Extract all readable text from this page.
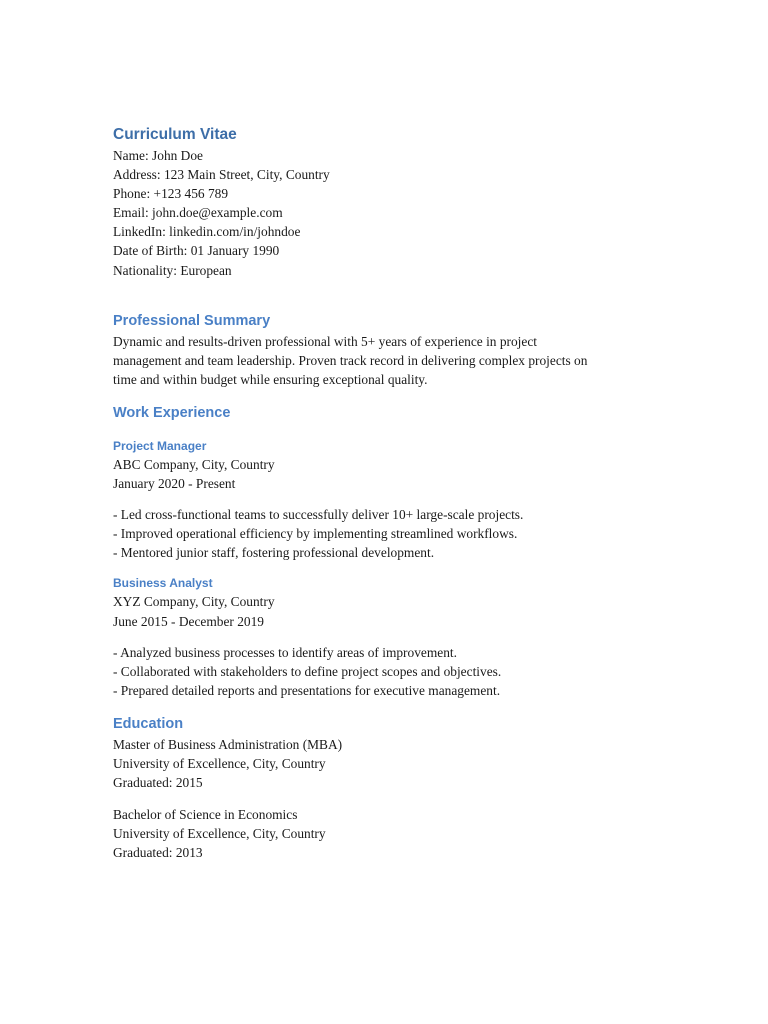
Curriculum Vitae

Name: John Doe

Address: 123 Main Street, City, Country

Phone: +123 456 789

Email: john.doe@example.com

LinkedIn: linkedin.com/in/johndoe

Date of Birth: 01 January 1990

Nationality: European

Professional Summary

Dynamic and results-driven professional with 5+ years of experience in project
management and team leadership. Proven track record in delivering complex projects on
time and within budget while ensuring exceptional quality.

Work Experience
Project Manager

ABC Company, City, Country

January 2020 - Present

- Led cross-functional teams to successfully deliver 10+ large-scale projects.

- Improved operational efficiency by implementing streamlined workflows.

- Mentored junior staff, fostering professional development.

Business Analyst

XYZ Company, City, Country

June 2015 - December 2019

- Analyzed business processes to identify areas of improvement.

- Collaborated with stakeholders to define project scopes and objectives.

- Prepared detailed reports and presentations for executive management.

Education

Master of Business Administration (MBA)

University of Excellence, City, Country

Graduated: 2015

Bachelor of Science in Economics

University of Excellence, City, Country

Graduated: 2013
